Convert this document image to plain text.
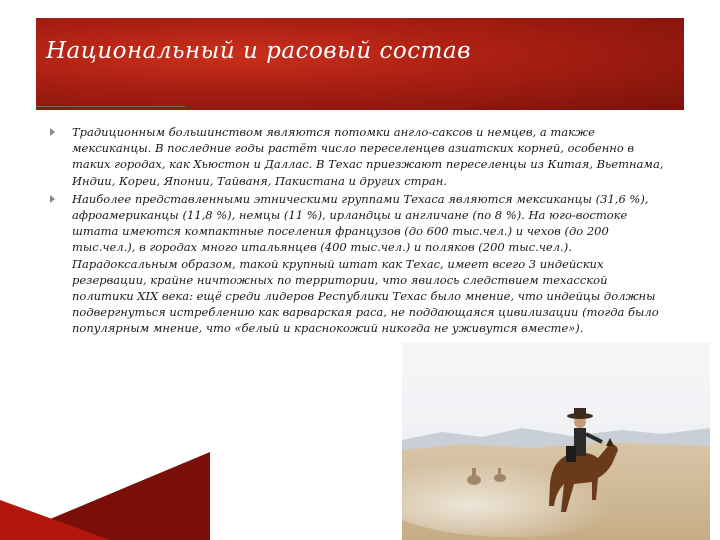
Национальный и расовый состав
Традиционным большинством являются потомки англо-саксов и немцев, а также мексиканцы. В последние годы растёт число переселенцев азиатских корней, особенно в таких городах, как Хьюстон и Даллас. В Техас приезжают переселенцы из Китая, Вьетнама, Индии, Кореи, Японии, Тайваня, Пакистана и других стран.
Наиболее представленными этническими группами Техаса являются мексиканцы (31,6 %), афроамериканцы (11,8 %), немцы (11 %), ирландцы и англичане (по 8 %). На юго-востоке штата имеются компактные поселения французов (до 600 тыс.чел.) и чехов (до 200 тыс.чел.), в городах много итальянцев (400 тыс.чел.) и поляков (200 тыс.чел.). Парадоксальным образом, такой крупный штат как Техас, имеет всего 3 индейских резервации, крайне ничтожных по территории, что явилось следствием техасской политики XIX века: ещё среди лидеров Республики Техас было мнение, что индейцы должны подвергнуться истреблению как варварская раса, не поддающаяся цивилизации (тогда было популярным мнение, что «белый и краснокожий никогда не уживутся вместе»).
